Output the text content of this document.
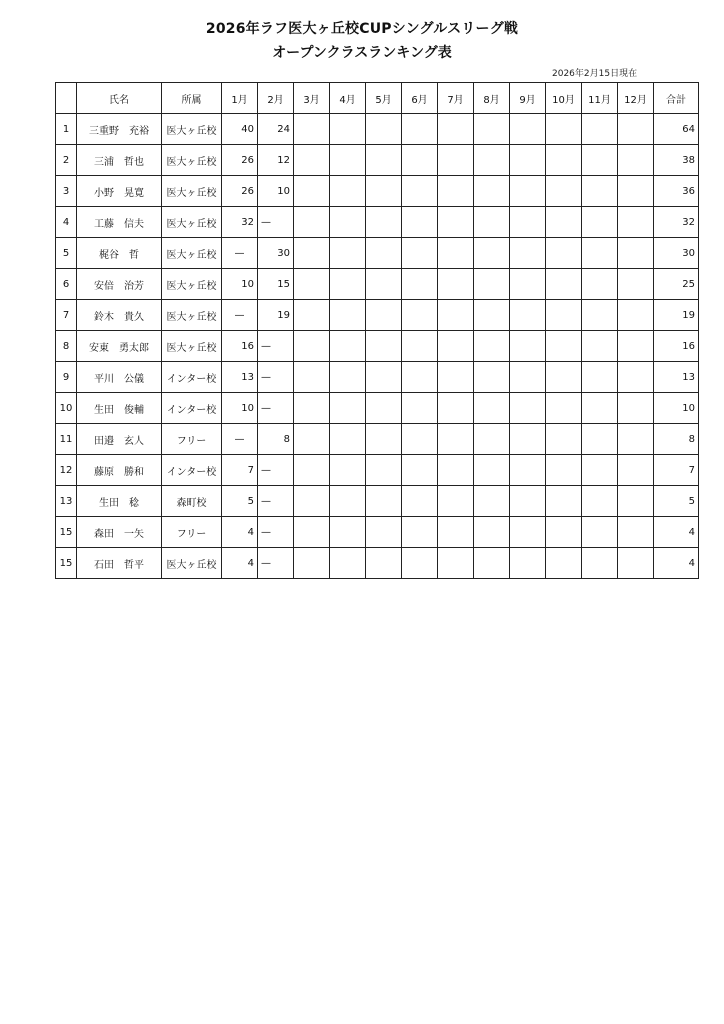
2026年ラフ医大ヶ丘校CUPシングルスリーグ戦
オープンクラスランキング表
2026年2月15日現在
	氏名	所属	1月	2月	3月	4月	5月	6月	7月	8月	9月	10月	11月	12月	合計
1	三重野　充裕	医大ヶ丘校	40	24											64
2	三浦　哲也	医大ヶ丘校	26	12											38
3	小野　晃寛	医大ヶ丘校	26	10											36
4	工藤　信夫	医大ヶ丘校	32	—											32
5	梶谷　哲	医大ヶ丘校	—	30											30
6	安倍　治芳	医大ヶ丘校	10	15											25
7	鈴木　貴久	医大ヶ丘校	—	19											19
8	安東　勇太郎	医大ヶ丘校	16	—											16
9	平川　公儀	インター校	13	—											13
10	生田　俊輔	インター校	10	—											10
11	田邉　玄人	フリー	—	8											8
12	藤原　勝和	インター校	7	—											7
13	生田　稔	森町校	5	—											5
15	森田　一矢	フリー	4	—											4
15	石田　哲平	医大ヶ丘校	4	—											4
